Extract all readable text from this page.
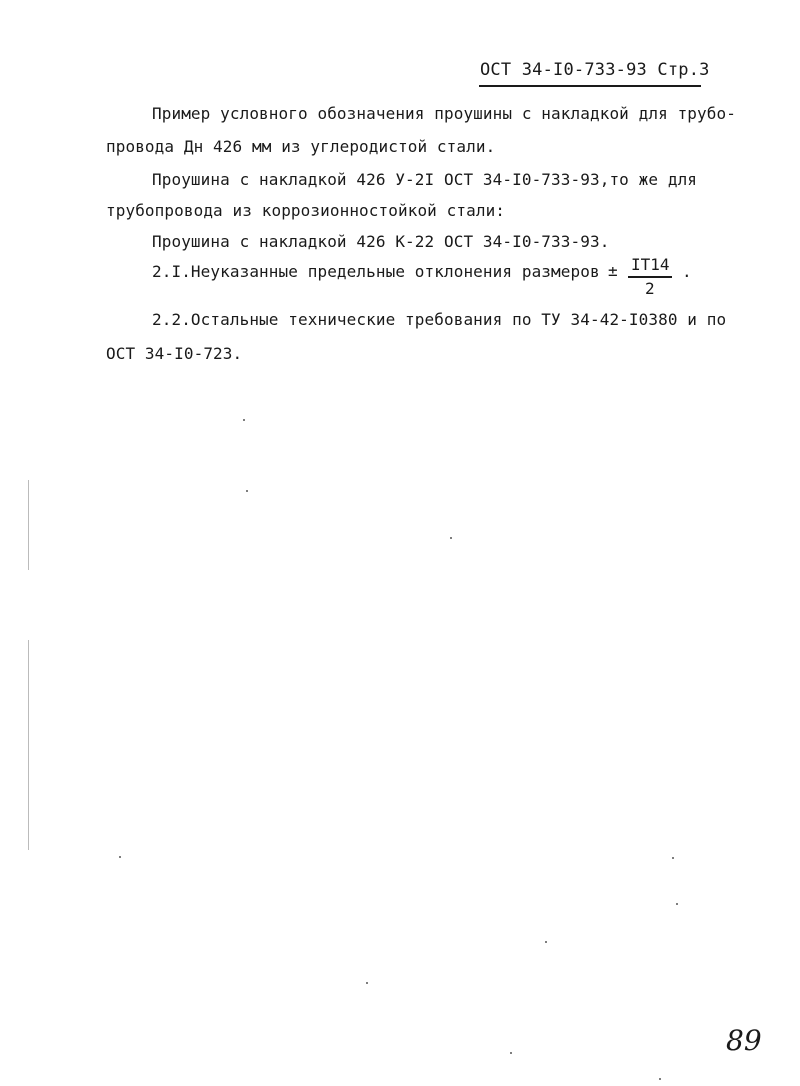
ОСТ 34-I0-733-93 Стр.3
Пример условного обозначения проушины с накладкой для трубо-
провода Дн 426 мм из углеродистой стали.
Проушина с накладкой 426 У-2I ОСТ 34-I0-733-93,то же для
трубопровода из коррозионностойкой стали:
Проушина с накладкой 426 К-22 ОСТ 34-I0-733-93.
2.I.Неуказанные предельные отклонения размеров ± IT14
2
.
2.2.Остальные технические требования по ТУ 34-42-I0380 и по
ОСТ 34-I0-723.
89
